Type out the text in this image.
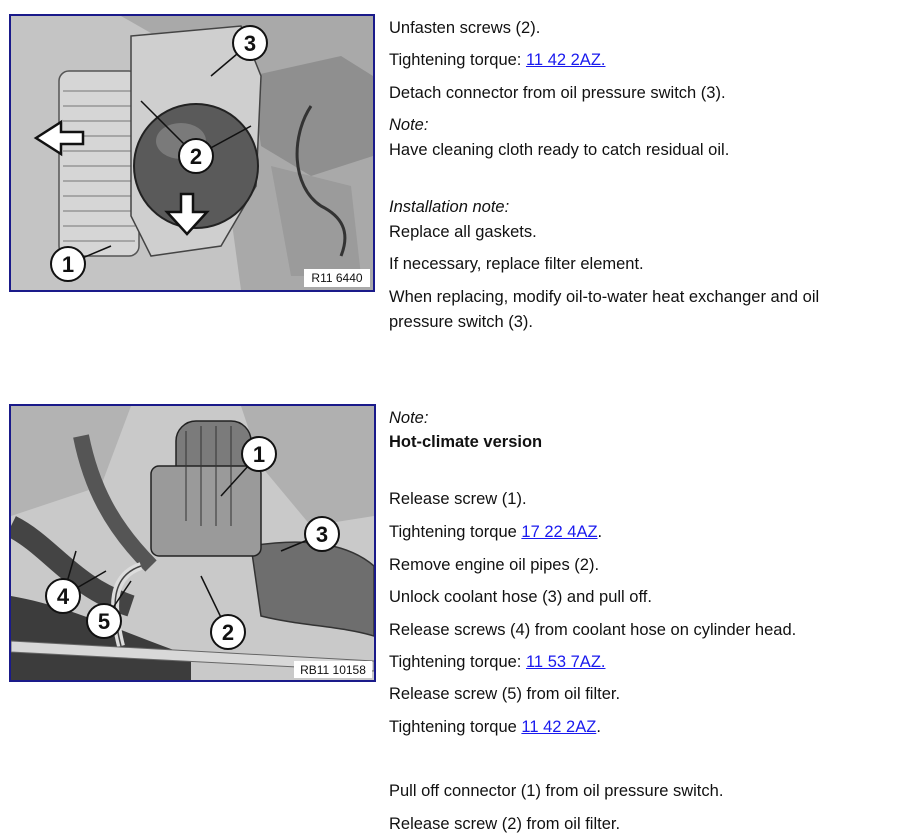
3
2
1
R11 6440
1
3
2
4
5
RB11 10158
Unfasten screws (2).
Tightening torque: 11 42 2AZ.
Detach connector from oil pressure switch (3).
Note:
Have cleaning cloth ready to catch residual oil.
Installation note:
Replace all gaskets.
If necessary, replace filter element.
When replacing, modify oil-to-water heat exchanger and oil
pressure switch (3).
Note:
Hot-climate version
Release screw (1).
Tightening torque 17 22 4AZ.
Remove engine oil pipes (2).
Unlock coolant hose (3) and pull off.
Release screws (4) from coolant hose on cylinder head.
Tightening torque: 11 53 7AZ.
Release screw (5) from oil filter.
Tightening torque 11 42 2AZ.
Pull off connector (1) from oil pressure switch.
Release screw (2) from oil filter.
